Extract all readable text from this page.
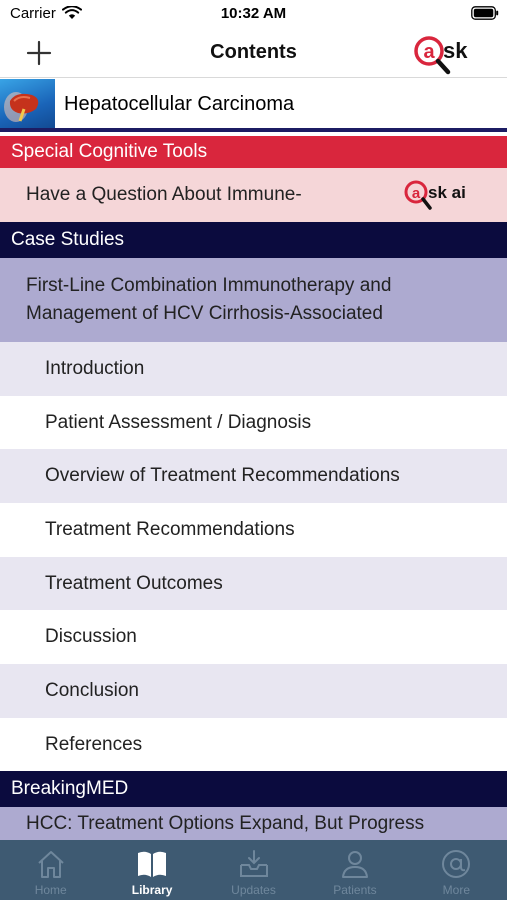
Carrier	10:32 AM
Contents	a sk
Hepatocellular Carcinoma
Special Cognitive Tools
Have a Question About Immune-	a sk ai
Case Studies
First-Line Combination Immunotherapy and
Management of HCV Cirrhosis-Associated
Introduction
Patient Assessment / Diagnosis
Overview of Treatment Recommendations
Treatment Recommendations
Treatment Outcomes
Discussion
Conclusion
References
BreakingMED
HCC: Treatment Options Expand, But Progress
Home	Library	Updates	Patients	More
